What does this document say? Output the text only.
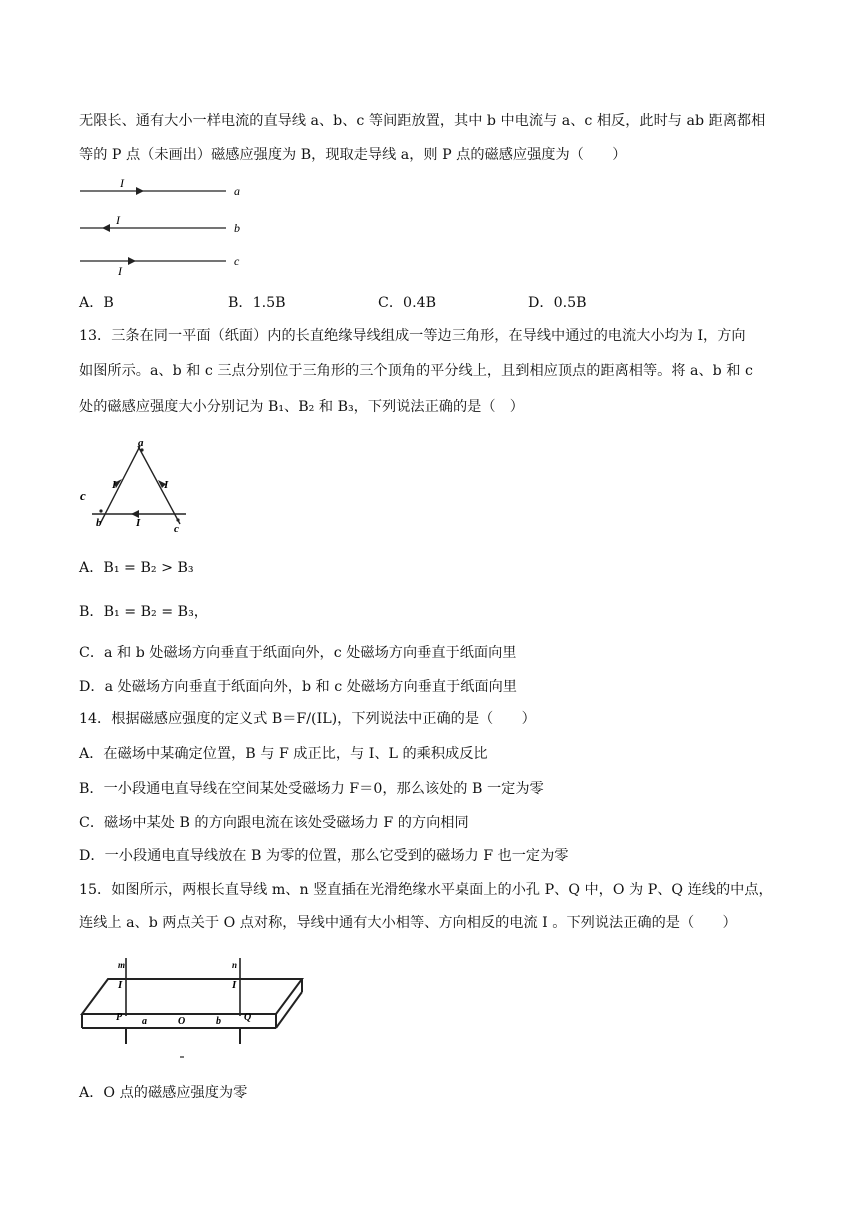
无限长、通有大小一样电流的直导线 a、b、c 等间距放置，其中 b 中电流与 a、c 相反，此时与 ab 距离都相
等的 P 点（未画出）磁感应强度为 B，现取走导线 a，则 P 点的磁感应强度为（　　）
I
a
I
b
I
c
A．B	B．1.5B	C．0.4B	D．0.5B
13．三条在同一平面（纸面）内的长直绝缘导线组成一等边三角形，在导线中通过的电流大小均为 I，方向
如图所示。a、b 和 c 三点分别位于三角形的三个顶角的平分线上，且到相应顶点的距离相等。将 a、b 和 c
处的磁感应强度大小分别记为 B₁、B₂ 和 B₃，下列说法正确的是（　）
a
b	c
c
I	I
I
A．B₁ = B₂ > B₃
B．B₁ = B₂ = B₃，
C．a 和 b 处磁场方向垂直于纸面向外，c 处磁场方向垂直于纸面向里
D．a 处磁场方向垂直于纸面向外，b 和 c 处磁场方向垂直于纸面向里
14．根据磁感应强度的定义式 B＝F/(IL)，下列说法中正确的是（　　）
A．在磁场中某确定位置，B 与 F 成正比，与 I、L 的乘积成反比
B．一小段通电直导线在空间某处受磁场力 F＝0，那么该处的 B 一定为零
C．磁场中某处 B 的方向跟电流在该处受磁场力 F 的方向相同
D．一小段通电直导线放在 B 为零的位置，那么它受到的磁场力 F 也一定为零
15．如图所示，两根长直导线 m、n 竖直插在光滑绝缘水平桌面上的小孔 P、Q 中，O 为 P、Q 连线的中点，
连线上 a、b 两点关于 O 点对称，导线中通有大小相等、方向相反的电流 I 。下列说法正确的是（　　）
m	n
I	I
P a	O	b Q
A．O 点的磁感应强度为零
